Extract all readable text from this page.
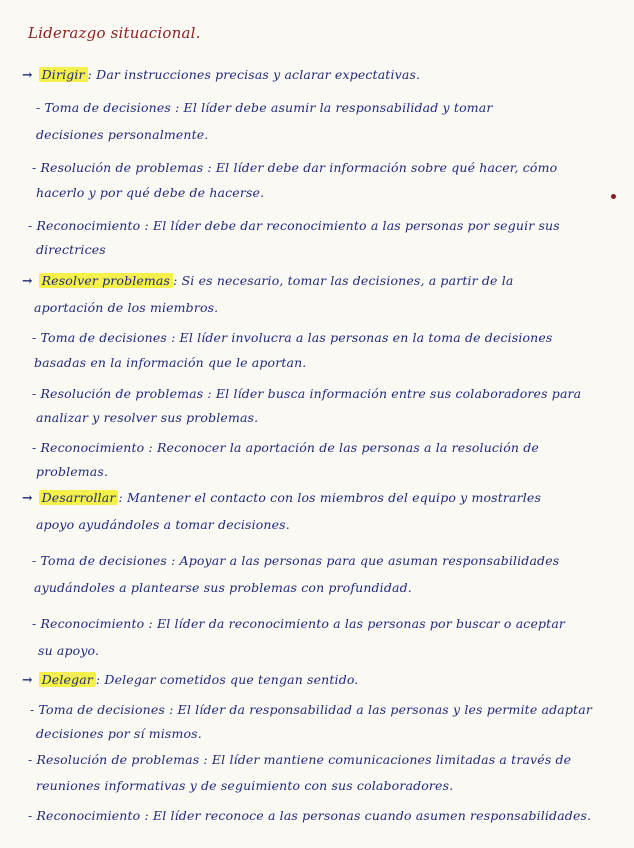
Liderazgo situacional.
→ Dirigir : Dar instrucciones precisas y aclarar expectativas.
- Toma de decisiones : El líder debe asumir la responsabilidad y tomar
decisiones personalmente.
- Resolución de problemas : El líder debe dar información sobre qué hacer, cómo
hacerlo y por qué debe de hacerse.
- Reconocimiento : El líder debe dar reconocimiento a las personas por seguir sus
directrices
→ Resolver problemas : Si es necesario, tomar las decisiones, a partir de la
aportación de los miembros.
- Toma de decisiones : El líder involucra a las personas en la toma de decisiones
basadas en la información que le aportan.
- Resolución de problemas : El líder busca información entre sus colaboradores para
analizar y resolver sus problemas.
- Reconocimiento : Reconocer la aportación de las personas a la resolución de
problemas.
→ Desarrollar : Mantener el contacto con los miembros del equipo y mostrarles
apoyo ayudándoles a tomar decisiones.
- Toma de decisiones : Apoyar a las personas para que asuman responsabilidades
ayudándoles a plantearse sus problemas con profundidad.
- Reconocimiento : El líder da reconocimiento a las personas por buscar o aceptar
su apoyo.
→ Delegar : Delegar cometidos que tengan sentido.
- Toma de decisiones : El líder da responsabilidad a las personas y les permite adaptar
decisiones por sí mismos.
- Resolución de problemas : El líder mantiene comunicaciones limitadas a través de
reuniones informativas y de seguimiento con sus colaboradores.
- Reconocimiento : El líder reconoce a las personas cuando asumen responsabilidades.
